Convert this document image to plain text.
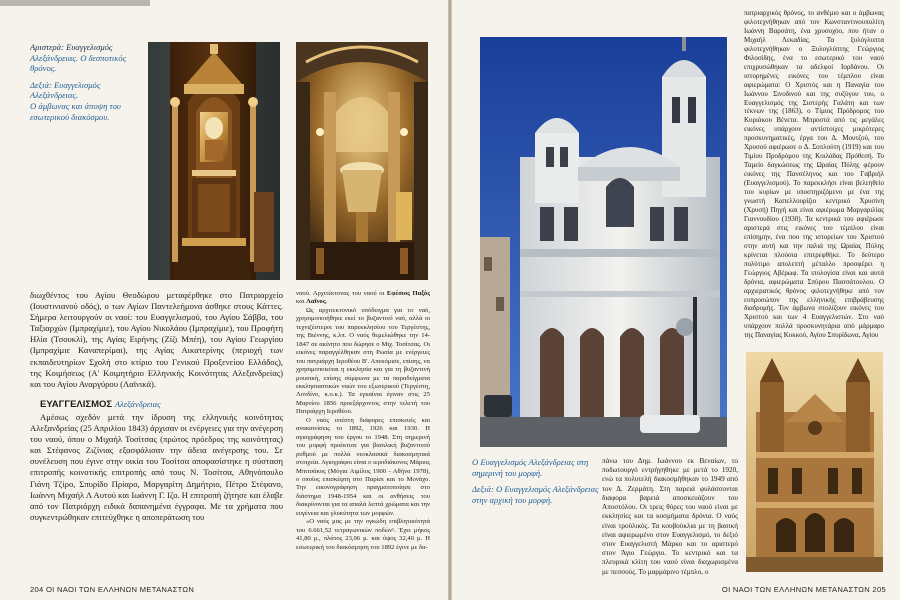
Αριστερά: Ευαγγελισμός

Αλεξάνδρειας. Ο δεσποτικός θρόνος.

Δεξιά: Ευαγγελισμός Αλεξάνδρειας.

Ο άμβωνας και άποψη του εσωτερικού διακόσμου.

διωχθέντος του Αγίου Θεοδώρου μεταφέρθηκε στο Πατριαρχείο (Ιουστινιανού οδός), ο των Αγίων Παντελεήμονα άσθηκε στους Κάττες. Σήμερα λειτουργούν οι ναοί: του Ευαγγελισμού, του Αγίου Σάββα, του Ταξιαρχών (Ιμπραχίμιε), του Αγίου Νικολάου (Ιμπραχίμιε), του Προφήτη Ηλία (Τσουκλί), της Αγίας Ειρήνης (Ζίζι Μπέη), του Αγίου Γεωργίου (Ιμπραχίμιε Καναπερίμαι), της Αγίας Αικατερίνης (περιοχή των εκπαιδευτηρίων Σχολή στο κτίριο του Γενικού Προξενείου Ελλάδος), της Κοιμήσεως (Α' Κοιμητήριο Ελληνικής Κοινότητας Αλεξανδρείας) και του Αγίου Αναργύρου (Λαϊνικά).

ΕΥΑΓΓΕΛΙΣΜΟΣ Αλεξάνδρειας

Αμέσως σχεδόν μετά την ίδρυση της ελληνικής κοινότητας Αλεξανδρείας (25 Απριλίου 1843) άρχισαν οι ενέργειες για την ανέγερση του ναού, όπου ο Μιχαήλ Τοσίτσας (πρώτος πρόεδρος της κοινότητας) και Στέφανος Ζιζίνιας εξασφάλισαν την άδεια ανέγερσης του. Σε συνέλευση που έγινε στην οικία του Τοσίτσα αποφασίστηκε η σύσταση επιτροπής κοινοτικής επιτροπής από τους Ν. Τοσίτσα, Αθηνόπουλο Γιάνη Τζίρο, Σπυρίδο Πρίαρο, Μαργαρίτη Δημήτριο, Πέτρο Στέφανο, Ιωάννη Μιχαήλ Λ Αυτού και Ιωάννη Γ. Ιζο. Η επιτροπή ζήτησε και έλαβε από τον Πατριάρχη ειδικά δαπανημένα έγγραφα. Με τα χρήματα που συγκεντρώθηκαν επιτεύχθηκε η αποπεράτωση του

ναού. Αρχιτέκτονας του ναού οι Εφέσιος Παξός και Λαΐνος.

Ως αρχιτεκτονικό υπόδειγμα για το ναό, χρησιμοποιήθηκε εκεί το βυζαντινό ναό, αλλά οι τεχνιζέστεροι του παρεκκλησίου του Τεργέστης, της Βιέννης, κ.λπ. Ο ναός θεμελιώθηκε την 14-1847 σε ακίνητο που δώρησε ο Μιχ. Τοσίτσας. Οι εικόνες παραγγέλθηκαν στη Ρωσία με ενέργειες του πατριάρχη Ιεροθέου Β'. Απεκόμισε, επίσης, να χρησιμοποιείται η εκκλησία και για τη βυζαντινή μουσική, επίσης σύμφωνα με τα παραδείγματα εκκλησιαστικών ναών του εξωτερικού (Τεργέστη, Λονδίνο, κ.ο.κ.). Τα εγκαίνια έγιναν στις 25 Μαρτίου 1856 προεξάρχοντος στην τελετή του Πατριάρχη Ιεροθέου.

Ο ναός υπέστη διάφορες επισκευές και ανακαινίσεις το 1892, 1926 και 1930. Η αγιογράφηση του έργου το 1948. Στη σημερινή του μορφή προέκτισε για βασιλική βυζαντινού ρυθμού με πολλά νεοκλασικά διακοσμητικά στοιχεία. Αγιογράφοι είναι ο ιεροδιάκονος Μάριος Μπιτσάκος (Μόγια Αιμίλος 1900 - Αθήνα 1978), ο οποίος επισκέφτη στο Παρίσι και το Μονάχο. Την εικονογράφηση πραγματοποίησε στο διάστημα 1948-1954 και οι ανθήσεις του διακρίνονται για τα απαλά λεπτά χρώματα και την ευγένεια και γλυκύτητα των μορφών.

«Ο ναός μας με την ογκώδη επιβλητικότητά του 6.661,52 τετραγωνικών ποδών¹. Έχει μήκος 41,80 μ., πλάτος 23,06 μ. και ύψος 32,40 μ. Η εσωτερική του διακόσμηση του 1892 έγινε με δα-

204 ΟΙ ΝΑΟΙ ΤΩΝ ΕΛΛΗΝΩΝ ΜΕΤΑΝΑΣΤΩΝ

πατριαρχικός θρόνος, το ανθέμιο και ο άμβωνας φιλοτεχνήθηκαν από τον Κωνσταντινουπολίτη Ιωάννη Βαρσάτη, ένα χρυσοχόο, που ήταν ο Μιχαήλ Λεκαδίας. Τα ξυλόγλυπτα φιλοτεχνήθηκαν ο Ξυλογλύπτης Γεώργιος Φιλοσίδης, ένα το εσωτερικό του ναού επιχρυσώθηκαν τα αδελφοί Ιορδάνου. Οι ιστορημένες εικόνες του τέμπλου είναι αφιερώματα: Ο Χριστός και η Παναγία του Ιωάννου Σινοδινού και της συζύγου του, ο Ευαγγελισμός της Σιστερής Γαλάτη και των τέκνων της (1863), ο Τίμιος Πρόδρομος του Κυριάκου Βένετα. Μπροστά από τις μεγάλες εικόνες υπάρχουν αντίστοιχες μικρότερες προσκυνηματικές, έργα του Δ. Μουτζού, του Χρυσού αφιέρωσε ο Δ. Σοπλούτη (1919) και του Τιμίου Προδρόμου της Κοιλάδας Πρόθεσή. Το Ταμείο δαγκώσεως της Ωραίας Πύλης φέρουν εικόνες της Πανσέληνος και του Γαβριήλ (Ευαγγελισμού). Το παρεκκλήσι είναι βελεηθείο του κυρίων με υποστηριζόμενο με ένα της γνωστή Καπελλουρίζιο κεντρικό Χρυσίνη (Χρυσή) Πηγή και είναι αφιέρωμα Μαργαριλίας Γιαννουδίου (1930). Τα κεντρικά του αφιέρωσε αριστερά στις εικόνες του τέμπλου είναι επίσημην, ένα που της ιστορείων του Χριστού στην αυτή και την παλιά της Ωραίας Πύλης κρίνεται πλούσια επιτρεφθήκε. Το δεύτερο πολύτιμο απολεπτή μέταλλο προσφέρει η Γεώργιος Αβέρωφ. Τα ιπολογίσα είναι και αυτά δρόνια, αφιερώματα Σπύρου Πασσάτουλου. Ο αρχιερατικός θρόνος φιλοτεχνήθηκε από τον ευπροσώπον της ελληνικής επιβράβευσης διαδρομής. Τον άμβωνα στολίζουν εικόνες του Χριστού και των 4 Ευαγγελιστών. Στο ναό υπάρχουν πολλά προσκυνητάρια από μάρμαρο της Παναγίας Κυκκού, Αγίου Σπυρίδωνα, Αγίου

Ο Ευαγγελισμός Αλεξάνδρειας στη σημερινή του μορφή.

Δεξιά: Ο Ευαγγελισμός Αλεξάνδρειας στην αρχική του μορφή.

πάνω του Δημ. Ιωάννου εκ Βεναίων, το ποδωτουργό εντρήγηθηκε με μετά το 1920, ενώ τα πολυτελή διακοσμήθηκαν το 1949 από τον Δ. Ζερμάτη. Στη παρειά φυλάσσονται διαφορα βαρειά αποσκευάζουν του Αποστόλου. Οι τρεις θύρες του ναού είναι με εκκλησίες και τα κοσμήματα δρόνια. Ο ναός είναι τρούλικός. Τα κουβούκλια με τη βασική είναι αφιερωμένο στον Ευαγγελισμό, το δεξιό στον Ευαγγελιστή Μάρκο και το αριστερό στον Άγιο Γεώργιο. Το κεντρικό και τα πλευρικά κλίτη του ναού είναι διαχωρισμένα με πεσσούς. Το μαρμάρινο τέμπλο, ο

ΟΙ ΝΑΟΙ ΤΩΝ ΕΛΛΗΝΩΝ ΜΕΤΑΝΑΣΤΩΝ 205
